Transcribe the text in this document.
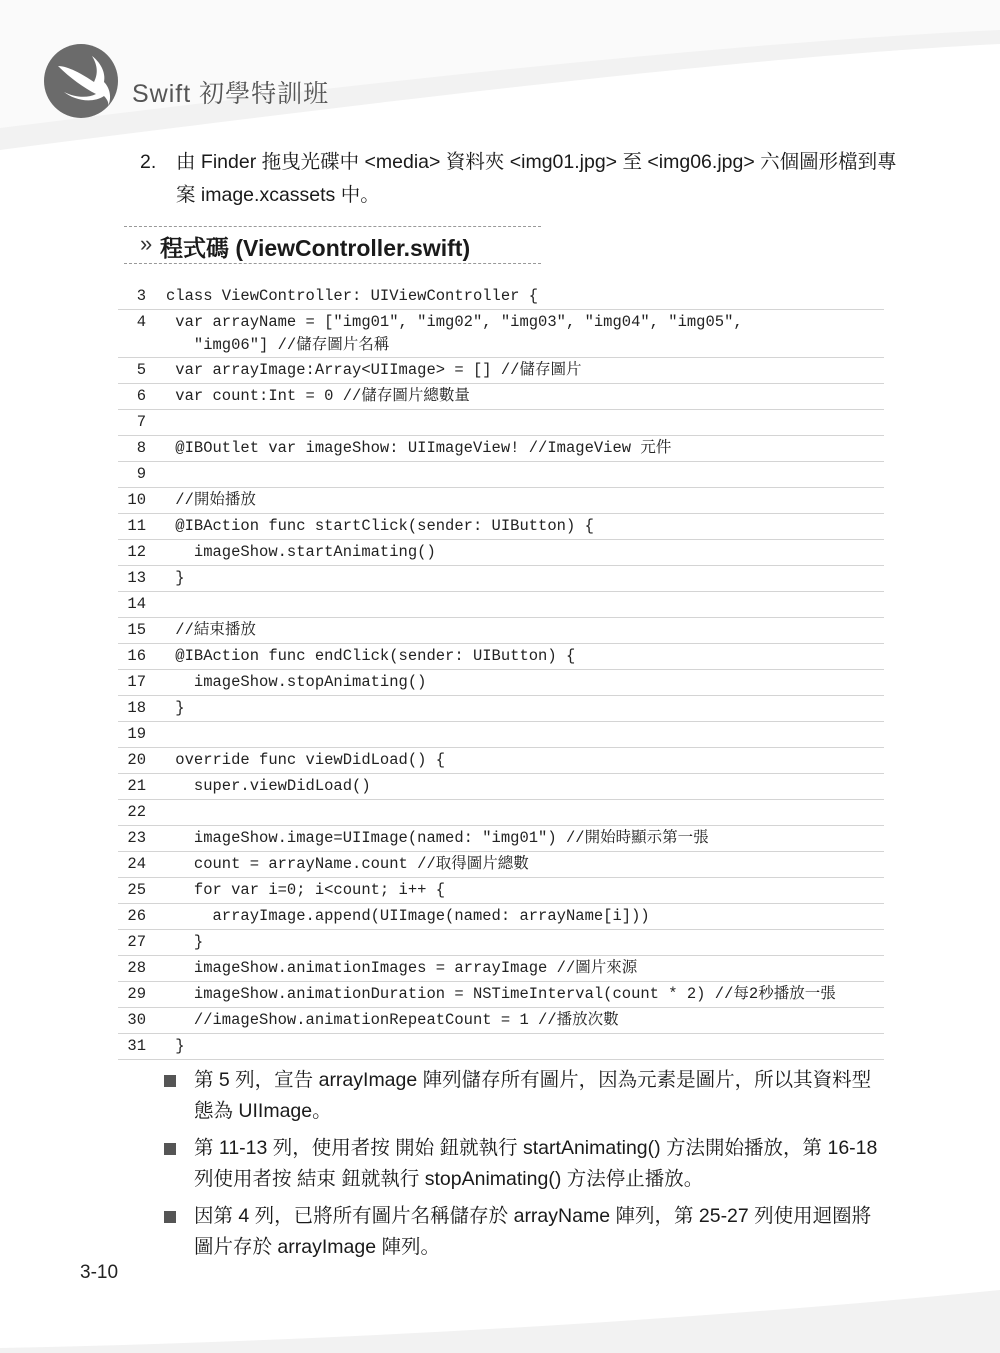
Swift 初學特訓班
2. 由 Finder 拖曳光碟中 <media> 資料夾 <img01.jpg> 至 <img06.jpg> 六個圖形檔到專案 image.xcassets 中。
» 程式碼 (ViewController.swift)
3	class ViewController: UIViewController {
4	var arrayName = ["img01", "img02", "img03", "img04", "img05",
"img06"] //儲存圖片名稱
5	var arrayImage:Array<UIImage> = [] //儲存圖片
6	var count:Int = 0 //儲存圖片總數量
7
8	@IBOutlet var imageShow: UIImageView! //ImageView 元件
9
10	//開始播放
11	@IBAction func startClick(sender: UIButton) {
12	imageShow.startAnimating()
13	}
14
15	//結束播放
16	@IBAction func endClick(sender: UIButton) {
17	imageShow.stopAnimating()
18	}
19
20	override func viewDidLoad() {
21	super.viewDidLoad()
22
23	imageShow.image=UIImage(named: "img01") //開始時顯示第一張
24	count = arrayName.count //取得圖片總數
25	for var i=0; i<count; i++ {
26	arrayImage.append(UIImage(named: arrayName[i]))
27	}
28	imageShow.animationImages = arrayImage //圖片來源
29	imageShow.animationDuration = NSTimeInterval(count * 2) //每2秒播放一張
30	//imageShow.animationRepeatCount = 1 //播放次數
31	}
第 5 列，宣告 arrayImage 陣列儲存所有圖片，因為元素是圖片，所以其資料型態為 UIImage。
第 11-13 列，使用者按 開始 鈕就執行 startAnimating() 方法開始播放，第 16-18 列使用者按 結束 鈕就執行 stopAnimating() 方法停止播放。
因第 4 列，已將所有圖片名稱儲存於 arrayName 陣列，第 25-27 列使用迴圈將圖片存於 arrayImage 陣列。
3-10
